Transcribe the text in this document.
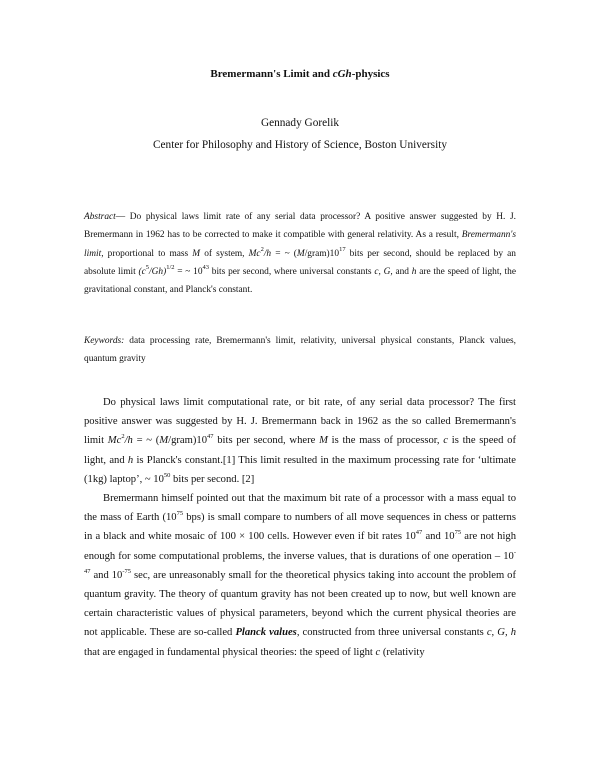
Bremermann's Limit and cGh-physics
Gennady Gorelik
Center for Philosophy and History of Science, Boston University
Abstract— Do physical laws limit rate of any serial data processor? A positive answer suggested by H. J. Bremermann in 1962 has to be corrected to make it compatible with general relativity. As a result, Bremermann's limit, proportional to mass M of system, $Mc^2/h$ = ~ $(M/gram)10^{17}$ bits per second, should be replaced by an absolute limit $(c^5/Gh)^{1/2}$ = ~ $10^{43}$ bits per second, where universal constants c, G, and h are the speed of light, the gravitational constant, and Planck's constant.
Keywords: data processing rate, Bremermann's limit, relativity, universal physical constants, Planck values, quantum gravity

Do physical laws limit computational rate, or bit rate, of any serial data processor? The first positive answer was suggested by H. J. Bremermann back in 1962 as the so called Bremermann's limit $Mc^2/h$ = ~ $(M/gram)10^{47}$ bits per second, where M is the mass of processor, c is the speed of light, and h is Planck's constant.[1] This limit resulted in the maximum processing rate for ‘ultimate (1kg) laptop’, ~ $10^{50}$ bits per second. [2]

Bremermann himself pointed out that the maximum bit rate of a processor with a mass equal to the mass of Earth ($10^{75}$ bps) is small compare to numbers of all move sequences in chess or patterns in a black and white mosaic of 100 × 100 cells. However even if bit rates $10^{47}$ and $10^{75}$ are not high enough for some computational problems, the inverse values, that is durations of one operation – $10^{-47}$ and $10^{-75}$ sec, are unreasonably small for the theoretical physics taking into account the problem of quantum gravity. The theory of quantum gravity has not been created up to now, but well known are certain characteristic values of physical parameters, beyond which the current physical theories are not applicable. These are so-called Planck values, constructed from three universal constants c, G, h that are engaged in fundamental physical theories: the speed of light c (relativity
